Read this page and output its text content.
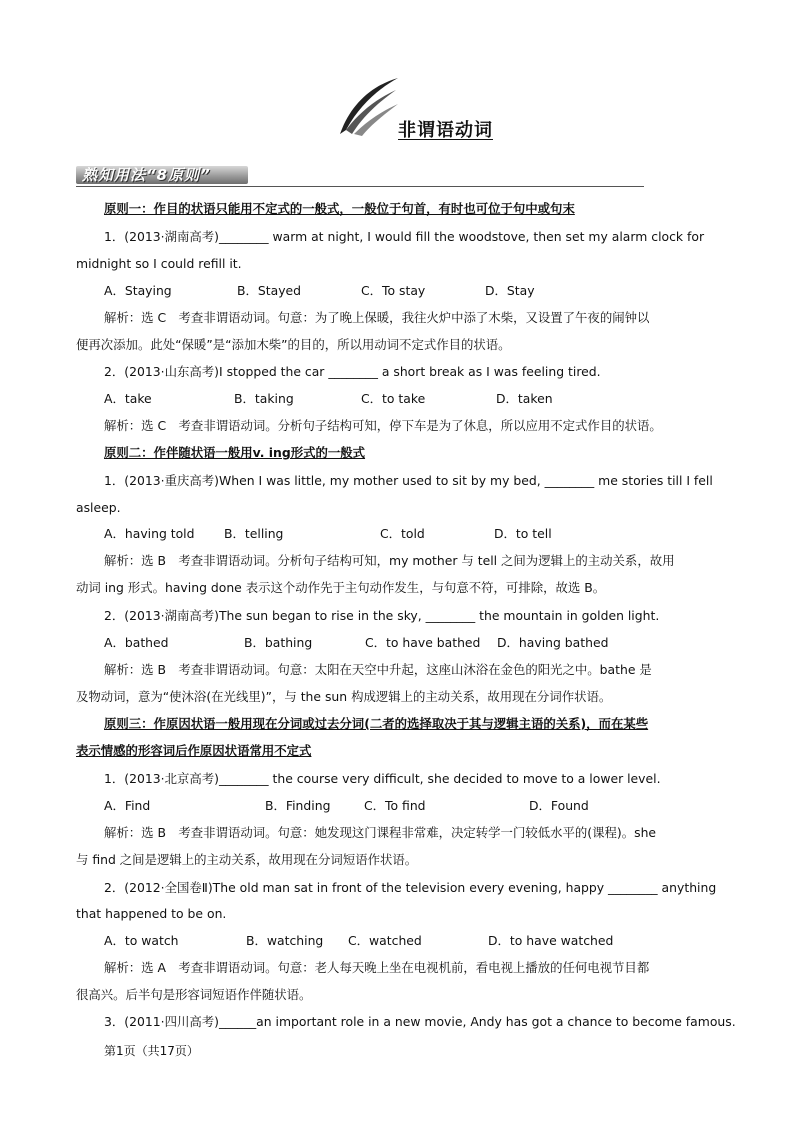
非谓语动词
熟知用法“8原则”
原则一：作目的状语只能用不定式的一般式，一般位于句首，有时也可位于句中或句末
1．(2013·湖南高考)________ warm at night, I would fill the woodstove, then set my alarm clock for
midnight so I could refill it.
A．Staying	B．Stayed	C．To stay	D．Stay
解析：选 C　考查非谓语动词。句意：为了晚上保暖，我往火炉中添了木柴，又设置了午夜的闹钟以
便再次添加。此处“保暖”是“添加木柴”的目的，所以用动词不定式作目的状语。
2．(2013·山东高考)I stopped the car ________ a short break as I was feeling tired.
A．take	B．taking	C．to take	D．taken
解析：选 C　考查非谓语动词。分析句子结构可知，停下车是为了休息，所以应用不定式作目的状语。
原则二：作伴随状语一般用v. ing形式的一般式
1．(2013·重庆高考)When I was little, my mother used to sit by my bed, ________ me stories till I fell
asleep.
A．having told B．telling	C．told	D．to tell
解析：选 B　考查非谓语动词。分析句子结构可知，my mother 与 tell 之间为逻辑上的主动关系，故用
动词 ing 形式。having done 表示这个动作先于主句动作发生，与句意不符，可排除，故选 B。
2．(2013·湖南高考)The sun began to rise in the sky, ________ the mountain in golden light.
A．bathed	B．bathing	C．to have bathed D．having bathed
解析：选 B　考查非谓语动词。句意：太阳在天空中升起，这座山沐浴在金色的阳光之中。bathe 是
及物动词，意为“使沐浴(在光线里)”，与 the sun 构成逻辑上的主动关系，故用现在分词作状语。
原则三：作原因状语一般用现在分词或过去分词(二者的选择取决于其与逻辑主语的关系)，而在某些
表示情感的形容词后作原因状语常用不定式
1．(2013·北京高考)________ the course very difficult, she decided to move to a lower level.
A．Find	B．Finding	C．To find	D．Found
解析：选 B　考查非谓语动词。句意：她发现这门课程非常难，决定转学一门较低水平的(课程)。she
与 find 之间是逻辑上的主动关系，故用现在分词短语作状语。
2．(2012·全国卷Ⅱ)The old man sat in front of the television every evening, happy ________ anything
that happened to be on.
A．to watch	B．watching C．watched	D．to have watched
解析：选 A　考查非谓语动词。句意：老人每天晚上坐在电视机前，看电视上播放的任何电视节目都
很高兴。后半句是形容词短语作伴随状语。
3．(2011·四川高考)______an important role in a new movie, Andy has got a chance to become famous.
第1页（共17页）
